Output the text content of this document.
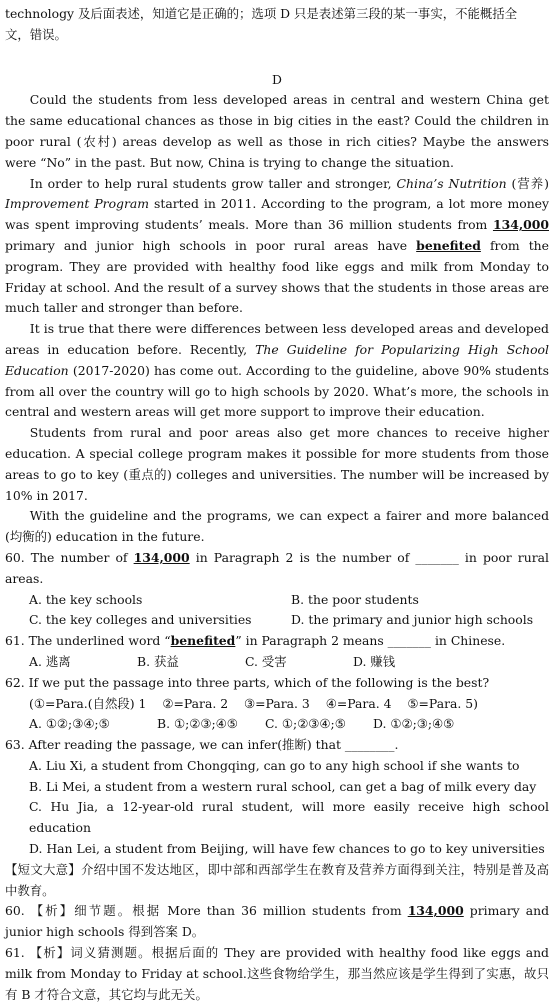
technology 及后面表述，知道它是正确的；选项 D 只是表述第三段的某一事实，不能概括全

文，错误。

D

Could the students from less developed areas in central and western China get the same educational chances as those in big cities in the east? Could the children in poor rural (农村) areas develop as well as those in rich cities? Maybe the answers were “No” in the past. But now, China is trying to change the situation.

In order to help rural students grow taller and stronger, China’s Nutrition (营养) Improvement Program started in 2011. According to the program, a lot more money was spent improving students’ meals. More than 36 million students from 134,000 primary and junior high schools in poor rural areas have benefited from the program. They are provided with healthy food like eggs and milk from Monday to Friday at school. And the result of a survey shows that the students in those areas are much taller and stronger than before.

It is true that there were differences between less developed areas and developed areas in education before. Recently, The Guideline for Popularizing High School Education (2017-2020) has come out. According to the guideline, above 90% students from all over the country will go to high schools by 2020. What’s more, the schools in central and western areas will get more support to improve their education.

Students from rural and poor areas also get more chances to receive higher education. A special college program makes it possible for more students from those areas to go to key (重点的) colleges and universities. The number will be increased by 10% in 2017.

With the guideline and the programs, we can expect a fairer and more balanced (均衡的) education in the future.

60. The number of 134,000 in Paragraph 2 is the number of _______ in poor rural areas.

A. the key schools	B. the poor students
C. the key colleges and universities	D. the primary and junior high schools

61. The underlined word “benefited” in Paragraph 2 means _______ in Chinese.

A. 逃离	B. 获益	C. 受害	D. 赚钱

62. If we put the passage into three parts, which of the following is the best?

(①=Para.(自然段) 1 ②=Para. 2 ③=Para. 3 ④=Para. 4 ⑤=Para. 5)
A. ①②;③④;⑤	B. ①;②③;④⑤	C. ①;②③④;⑤	D. ①②;③;④⑤

63. After reading the passage, we can infer(推断) that ________.

A. Liu Xi, a student from Chongqing, can go to any high school if she wants to

B. Li Mei, a student from a western rural school, can get a bag of milk every day

C. Hu Jia, a 12-year-old rural student, will more easily receive high school education

D. Han Lei, a student from Beijing, will have few chances to go to key universities

【短文大意】介绍中国不发达地区，即中部和西部学生在教育及营养方面得到关注，特别是普及高中教育。

60. 【析】细节题。根据 More than 36 million students from 134,000 primary and junior high schools 得到答案 D。

61. 【析】词义猜测题。根据后面的 They are provided with healthy food like eggs and milk from Monday to Friday at school.这些食物给学生，那当然应该是学生得到了实惠，故只有 B 才符合文意，其它均与此无关。
